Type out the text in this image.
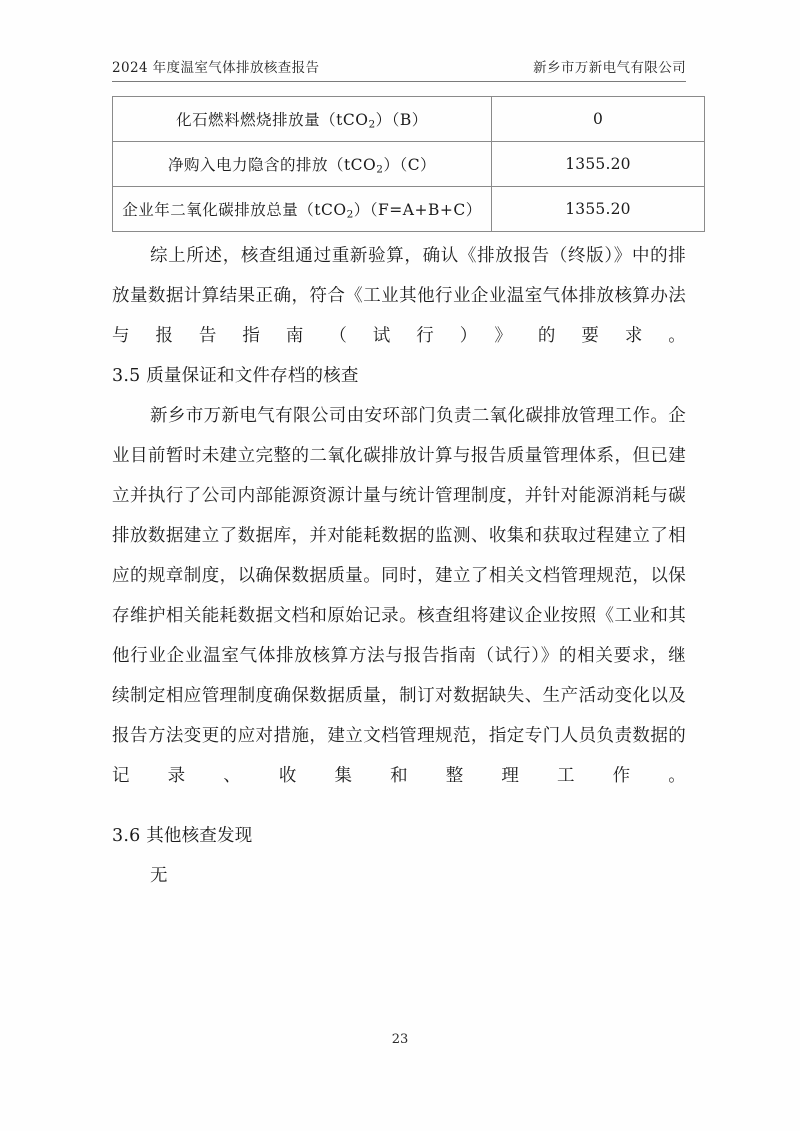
2024 年度温室气体排放核查报告	新乡市万新电气有限公司
化石燃料燃烧排放量（tCO$_2$）（B）	0
净购入电力隐含的排放（tCO$_2$）（C）	1355.20
企业年二氧化碳排放总量（tCO$_2$）（F=A+B+C）	1355.20

综上所述，核查组通过重新验算，确认《排放报告（终版）》中的排放量数据计算结果正确，符合《工业其他行业企业温室气体排放核算办法与报告指南（试行）》的要求。

3.5 质量保证和文件存档的核查

新乡市万新电气有限公司由安环部门负责二氧化碳排放管理工作。企业目前暂时未建立完整的二氧化碳排放计算与报告质量管理体系，但已建立并执行了公司内部能源资源计量与统计管理制度，并针对能源消耗与碳排放数据建立了数据库，并对能耗数据的监测、收集和获取过程建立了相应的规章制度，以确保数据质量。同时，建立了相关文档管理规范，以保存维护相关能耗数据文档和原始记录。核查组将建议企业按照《工业和其他行业企业温室气体排放核算方法与报告指南（试行）》的相关要求，继续制定相应管理制度确保数据质量，制订对数据缺失、生产活动变化以及报告方法变更的应对措施，建立文档管理规范，指定专门人员负责数据的记录、收集和整理工作。

3.6 其他核查发现

无

23
